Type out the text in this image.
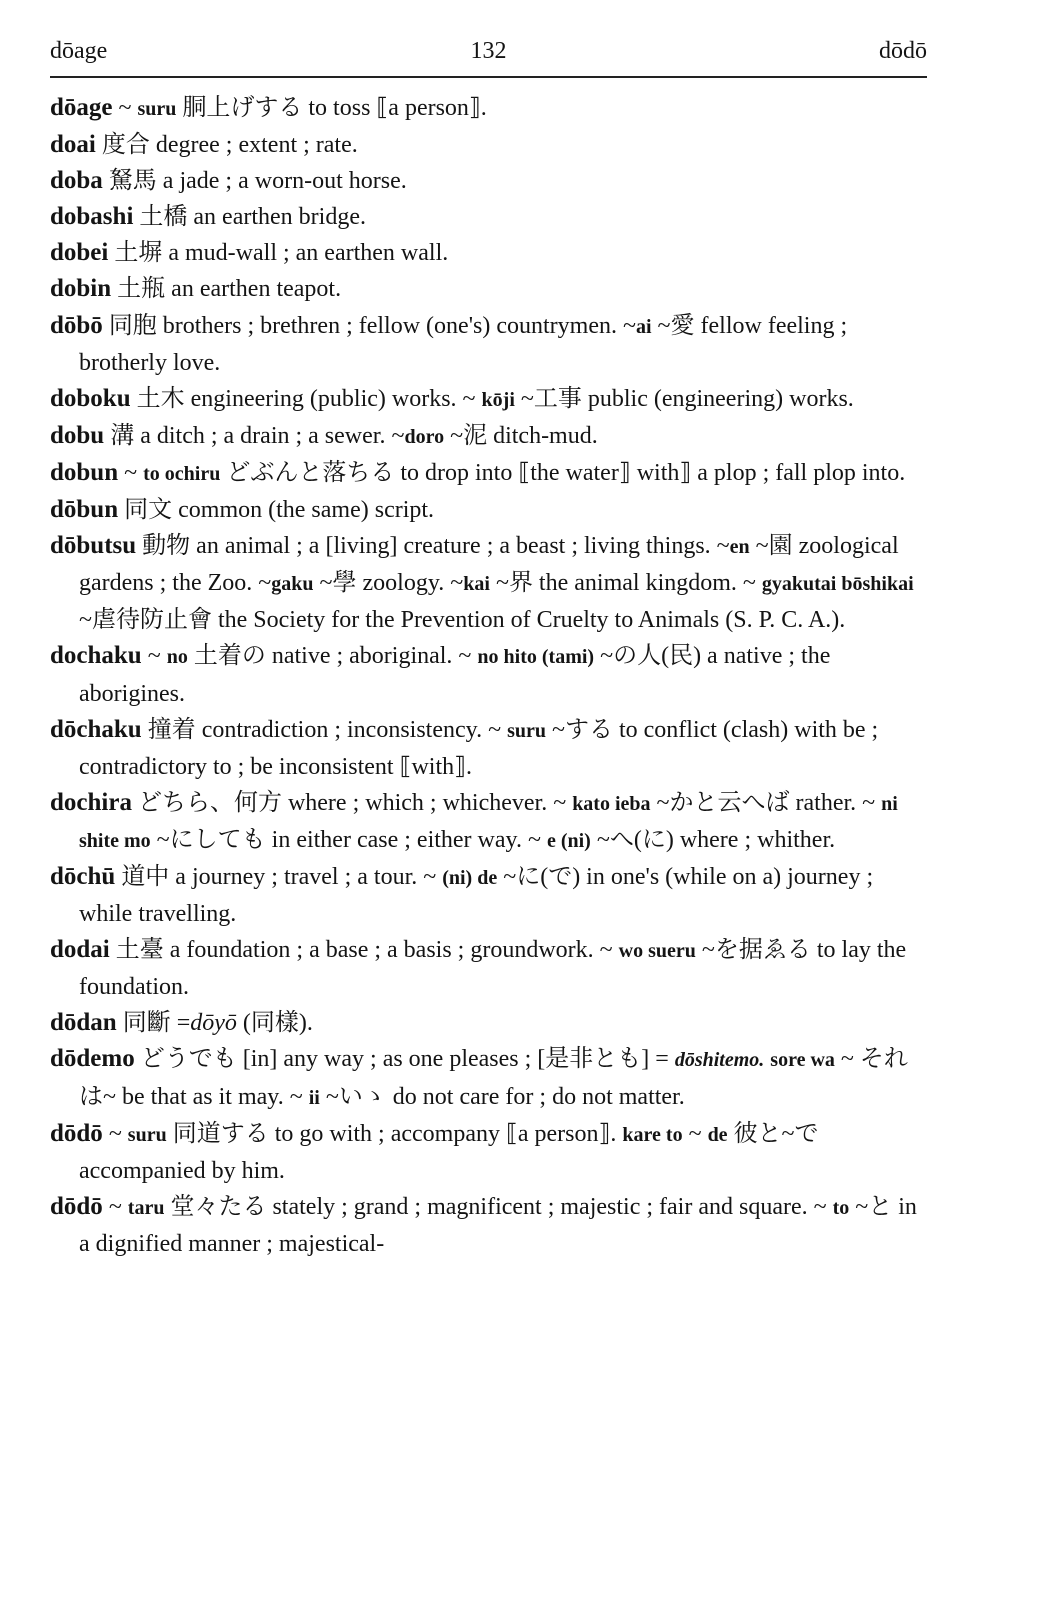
dōage	132	dōdō
dōage ~ suru 胴上げする to toss ⟦a person⟧.
doai 度合 degree ; extent ; rate.
doba 駑馬 a jade ; a worn-out horse.
dobashi 土橋 an earthen bridge.
dobei 土塀 a mud-wall ; an earthen wall.
dobin 土瓶 an earthen teapot.
dōbō 同胞 brothers ; brethren ; fellow (one's) countrymen. ~ai ~愛 fellow feeling ; brotherly love.
doboku 土木 engineering (public) works. ~ kōji ~工事 public (engineering) works.
dobu 溝 a ditch ; a drain ; a sewer. ~doro ~泥 ditch-mud.
dobun ~ to ochiru どぶんと落ちる to drop into ⟦the water⟧ with⟧ a plop ; fall plop into.
dōbun 同文 common (the same) script.
dōbutsu 動物 an animal ; a [living] creature ; a beast ; living things. ~en ~園 zoological gardens ; the Zoo. ~gaku ~學 zoology. ~kai ~界 the animal kingdom. ~ gyakutai bōshikai ~虐待防止會 the Society for the Prevention of Cruelty to Animals (S. P. C. A.).
dochaku ~ no 土着の native ; aboriginal. ~ no hito (tami) ~の人(民) a native ; the aborigines.
dōchaku 撞着 contradiction ; inconsistency. ~ suru ~する to conflict (clash) with be ; contradictory to ; be inconsistent ⟦with⟧.
dochira どちら、何方 where ; which ; whichever. ~ kato ieba ~かと云へば rather. ~ ni shite mo ~にしても in either case ; either way. ~ e (ni) ~へ(に) where ; whither.
dōchū 道中 a journey ; travel ; a tour. ~ (ni) de ~に(で) in one's (while on a) journey ; while travelling.
dodai 土臺 a foundation ; a base ; a basis ; groundwork. ~ wo sueru ~を据ゑる to lay the foundation.
dōdan 同斷 =dōyō (同樣).
dōdemo どうでも [in] any way ; as one pleases ; [是非とも] = dōshitemo. sore wa ~ それは~ be that as it may. ~ ii ~いゝ do not care for ; do not matter.
dōdō ~ suru 同道する to go with ; accompany ⟦a person⟧. kare to ~ de 彼と~で accompanied by him.
dōdō ~ taru 堂々たる stately ; grand ; magnificent ; majestic ; fair and square. ~ to ~と in a dignified manner ; majestical-
